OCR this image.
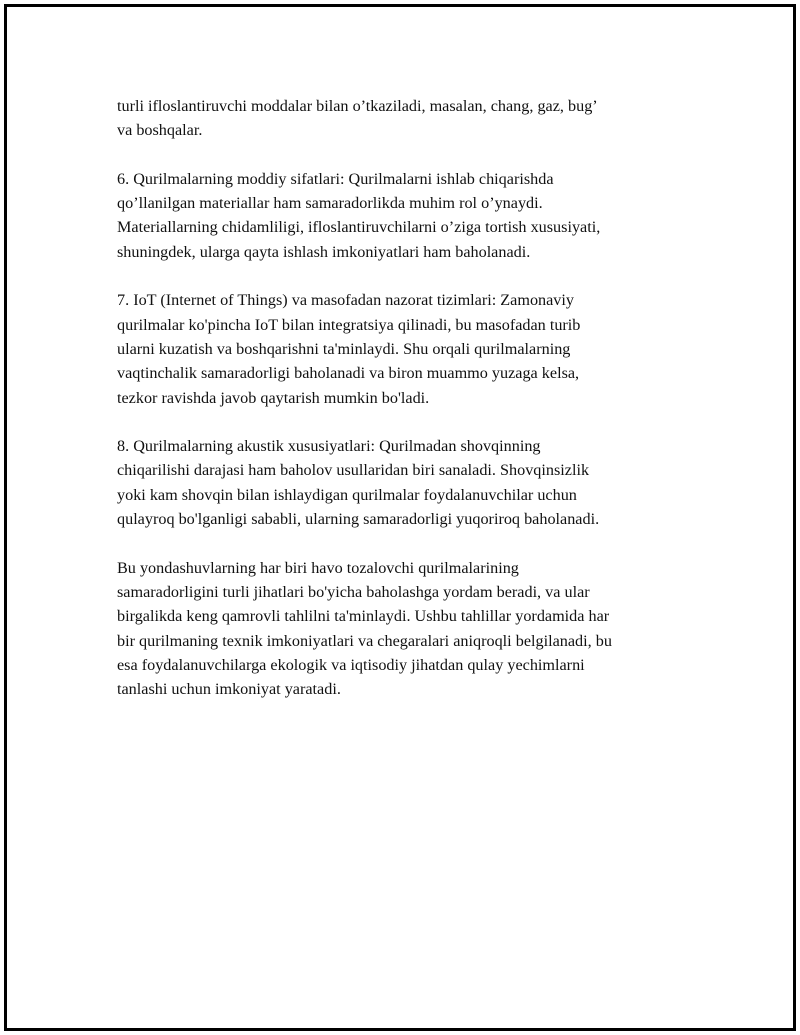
turli ifloslantiruvchi moddalar bilan o’tkaziladi, masalan, chang, gaz, bug’
va boshqalar.

6. Qurilmalarning moddiy sifatlari: Qurilmalarni ishlab chiqarishda
qo’llanilgan materiallar ham samaradorlikda muhim rol o’ynaydi.
Materiallarning chidamliligi, ifloslantiruvchilarni o’ziga tortish xususiyati,
shuningdek, ularga qayta ishlash imkoniyatlari ham baholanadi.

7. IoT (Internet of Things) va masofadan nazorat tizimlari: Zamonaviy
qurilmalar ko'pincha IoT bilan integratsiya qilinadi, bu masofadan turib
ularni kuzatish va boshqarishni ta'minlaydi. Shu orqali qurilmalarning
vaqtinchalik samaradorligi baholanadi va biron muammo yuzaga kelsa,
tezkor ravishda javob qaytarish mumkin bo'ladi.

8. Qurilmalarning akustik xususiyatlari: Qurilmadan shovqinning
chiqarilishi darajasi ham baholov usullaridan biri sanaladi. Shovqinsizlik
yoki kam shovqin bilan ishlaydigan qurilmalar foydalanuvchilar uchun
qulayroq bo'lganligi sababli, ularning samaradorligi yuqoriroq baholanadi.

Bu yondashuvlarning har biri havo tozalovchi qurilmalarining
samaradorligini turli jihatlari bo'yicha baholashga yordam beradi, va ular
birgalikda keng qamrovli tahlilni ta'minlaydi. Ushbu tahlillar yordamida har
bir qurilmaning texnik imkoniyatlari va chegaralari aniqroqli belgilanadi, bu
esa foydalanuvchilarga ekologik va iqtisodiy jihatdan qulay yechimlarni
tanlashi uchun imkoniyat yaratadi.
